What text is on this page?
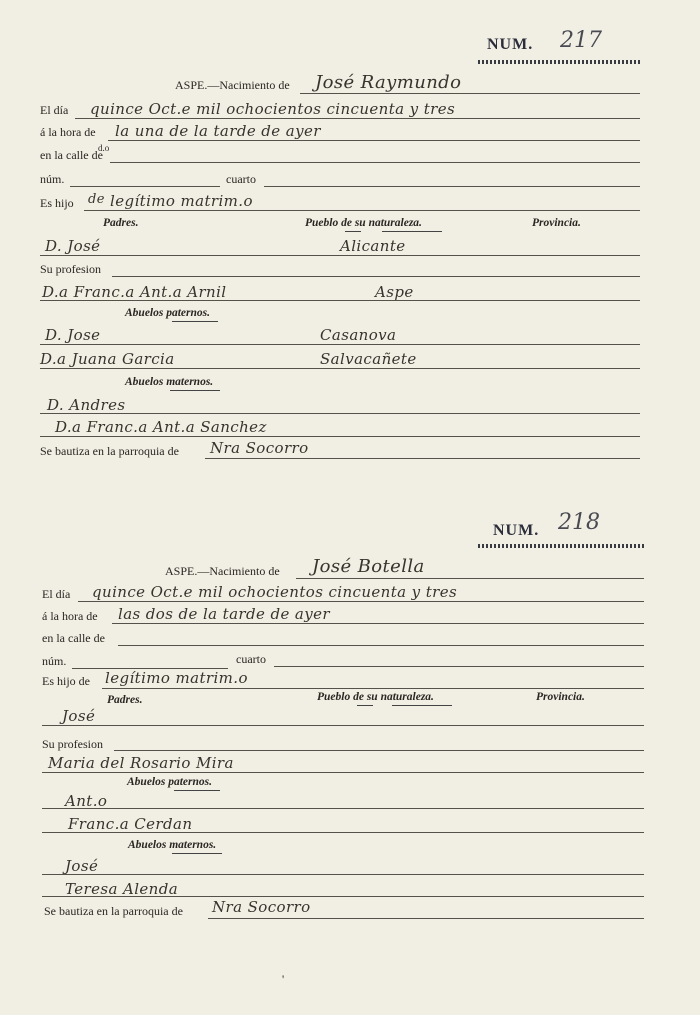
NUM. 217
ASPE.—Nacimiento de José Raymundo
El día quince Oct.e mil ochocientos cincuenta y tres
á la hora de la una de la tarde de ayer
en la calle de
d.o
núm.	cuarto
Es hijo de legítimo matrim.o
Padres.	Pueblo de su naturaleza.	Provincia.
D. José	Alicante
Su profesion
D.a Franc.a Ant.a Arnil	Aspe
Abuelos paternos.
D. Jose	Casanova
D.a Juana Garcia	Salvacañete
Abuelos maternos.
D. Andres
D.a Franc.a Ant.a Sanchez
Se bautiza en la parroquia de Nra Socorro
NUM. 218
ASPE.—Nacimiento de José Botella
El día quince Oct.e mil ochocientos cincuenta y tres
á la hora de las dos de la tarde de ayer
en la calle de
núm.	cuarto
Es hijo de legítimo matrim.o
Padres.	Pueblo de su naturaleza.	Provincia.
José
Su profesion
Maria del Rosario Mira
Abuelos paternos.
Ant.o
Franc.a Cerdan
Abuelos maternos.
José
Teresa Alenda
Se bautiza en la parroquia de Nra Socorro
'
